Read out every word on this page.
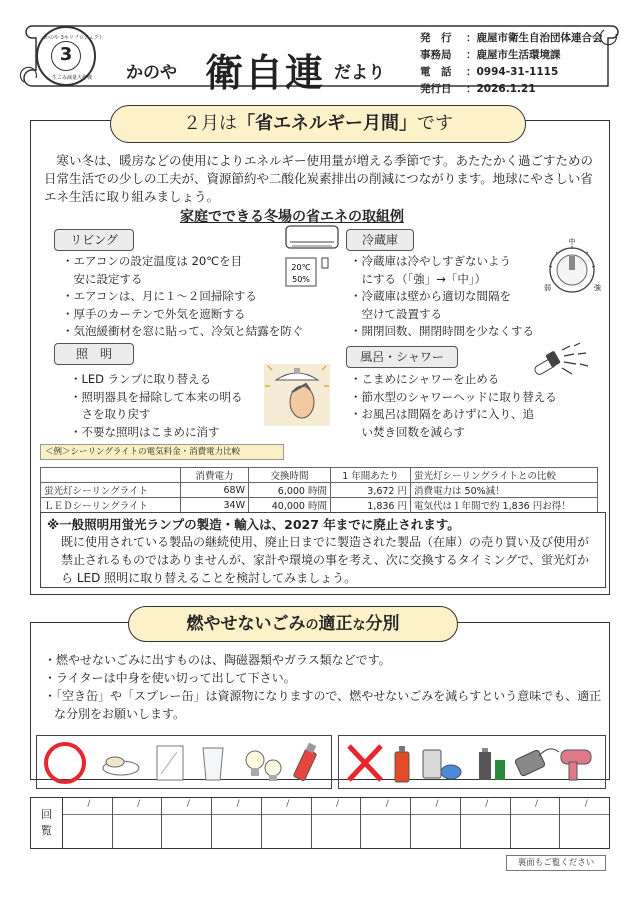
かのや 3キリプロジェクト
3
生ごみ減量大作戦 かのや 衛自連 だより
発　行	：鹿屋市衛生自治団体連合会
事務局	：鹿屋市生活環境課
電　話	：0994-31-1115
発行日	：2026.1.21
２月は「省エネルギー月間」です

寒い冬は、暖房などの使用によりエネルギー使用量が増える季節です。あたたかく過ごすための日常生活での少しの工夫が、資源節約や二酸化炭素排出の削減につながります。地球にやさしい省エネ生活に取り組みましょう。

家庭でできる冬場の省エネの取組例
リビング
・エアコンの設定温度は 20℃を目
　安に設定する
・エアコンは、月に１～２回掃除する
・厚手のカーテンで外気を遮断する
・気泡緩衝材を窓に貼って、冷気と結露を防ぐ
20℃
50%
冷蔵庫
・冷蔵庫は冷やしすぎないよう
　にする（「強」→「中」）
・冷蔵庫は壁から適切な間隔を
　空けて設置する
・開閉回数、開閉時間を少なくする
中
弱	強
照　明
・LED ランプに取り替える
・照明器具を掃除して本来の明る
　さを取り戻す
・不要な照明はこまめに消す
風呂・シャワー
・こまめにシャワーを止める
・節水型のシャワーヘッドに取り替える
・お風呂は間隔をあけずに入り、追
　い焚き回数を減らす
＜例＞シーリングライトの電気料金・消費電力比較
	消費電力	交換時間	1 年間あたり	蛍光灯シーリングライトとの比較
蛍光灯シーリングライト	68W	6,000 時間	3,672 円	消費電力は 50%減！
ＬＥＤシーリングライト	34W	40,000 時間	1,836 円	電気代は１年間で約 1,836 円お得！
※一般照明用蛍光ランプの製造・輸入は、2027 年までに廃止されます。
既に使用されている製品の継続使用、廃止日までに製造された製品（在庫）の売り買い及び使用が禁止されるものではありませんが、家計や環境の事を考え、次に交換するタイミングで、蛍光灯から LED 照明に取り替えることを検討してみましょう。
燃やせないごみの適正な分別
・燃やせないごみに出すものは、陶磁器類やガラス類などです。
・ライターは中身を使い切って出して下さい。
・「空き缶」や「スプレー缶」は資源物になりますので、燃やせないごみを減らすという意味でも、適正な分別をお願いします。
回
覧
/	/	/	/	/	/	/	/	/	/	/
裏面もご覧ください
